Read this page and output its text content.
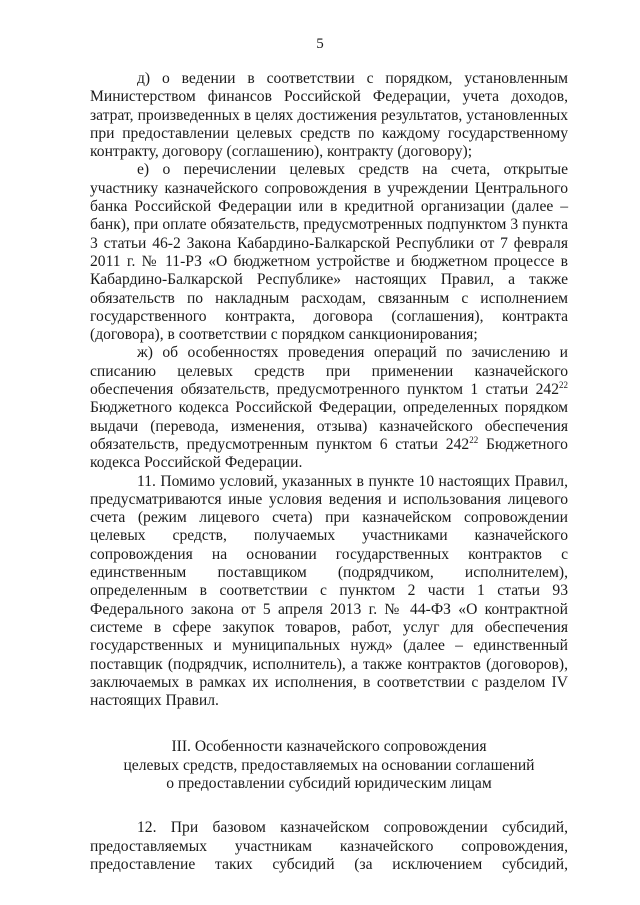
5

д) о ведении в соответствии с порядком, установленным Министерством финансов Российской Федерации, учета доходов, затрат, произведенных в целях достижения результатов, установленных при предоставлении целевых средств по каждому государственному контракту, договору (соглашению), контракту (договору);

е) о перечислении целевых средств на счета, открытые участнику казначейского сопровождения в учреждении Центрального банка Российской Федерации или в кредитной организации (далее – банк), при оплате обязательств, предусмотренных подпунктом 3 пункта 3 статьи 46-2 Закона Кабардино-Балкарской Республики от 7 февраля 2011 г. № 11-РЗ «О бюджетном устройстве и бюджетном процессе в Кабардино-Балкарской Республике» настоящих Правил, а также обязательств по накладным расходам, связанным с исполнением государственного контракта, договора (соглашения), контракта (договора), в соответствии с порядком санкционирования;

ж) об особенностях проведения операций по зачислению и списанию целевых средств при применении казначейского обеспечения обязательств, предусмотренного пунктом 1 статьи $242^{22}$ Бюджетного кодекса Российской Федерации, определенных порядком выдачи (перевода, изменения, отзыва) казначейского обеспечения обязательств, предусмотренным пунктом 6 статьи $242^{22}$ Бюджетного кодекса Российской Федерации.

11. Помимо условий, указанных в пункте 10 настоящих Правил, предусматриваются иные условия ведения и использования лицевого счета (режим лицевого счета) при казначейском сопровождении целевых средств, получаемых участниками казначейского сопровождения на основании государственных контрактов с единственным поставщиком (подрядчиком, исполнителем), определенным в соответствии с пунктом 2 части 1 статьи 93 Федерального закона от 5 апреля 2013 г. № 44-ФЗ «О контрактной системе в сфере закупок товаров, работ, услуг для обеспечения государственных и муниципальных нужд» (далее – единственный поставщик (подрядчик, исполнитель), а также контрактов (договоров), заключаемых в рамках их исполнения, в соответствии с разделом IV настоящих Правил.

III. Особенности казначейского сопровождения
целевых средств, предоставляемых на основании соглашений
о предоставлении субсидий юридическим лицам

12. При базовом казначейском сопровождении субсидий, предоставляемых участникам казначейского сопровождения, предоставление таких субсидий (за исключением субсидий,
